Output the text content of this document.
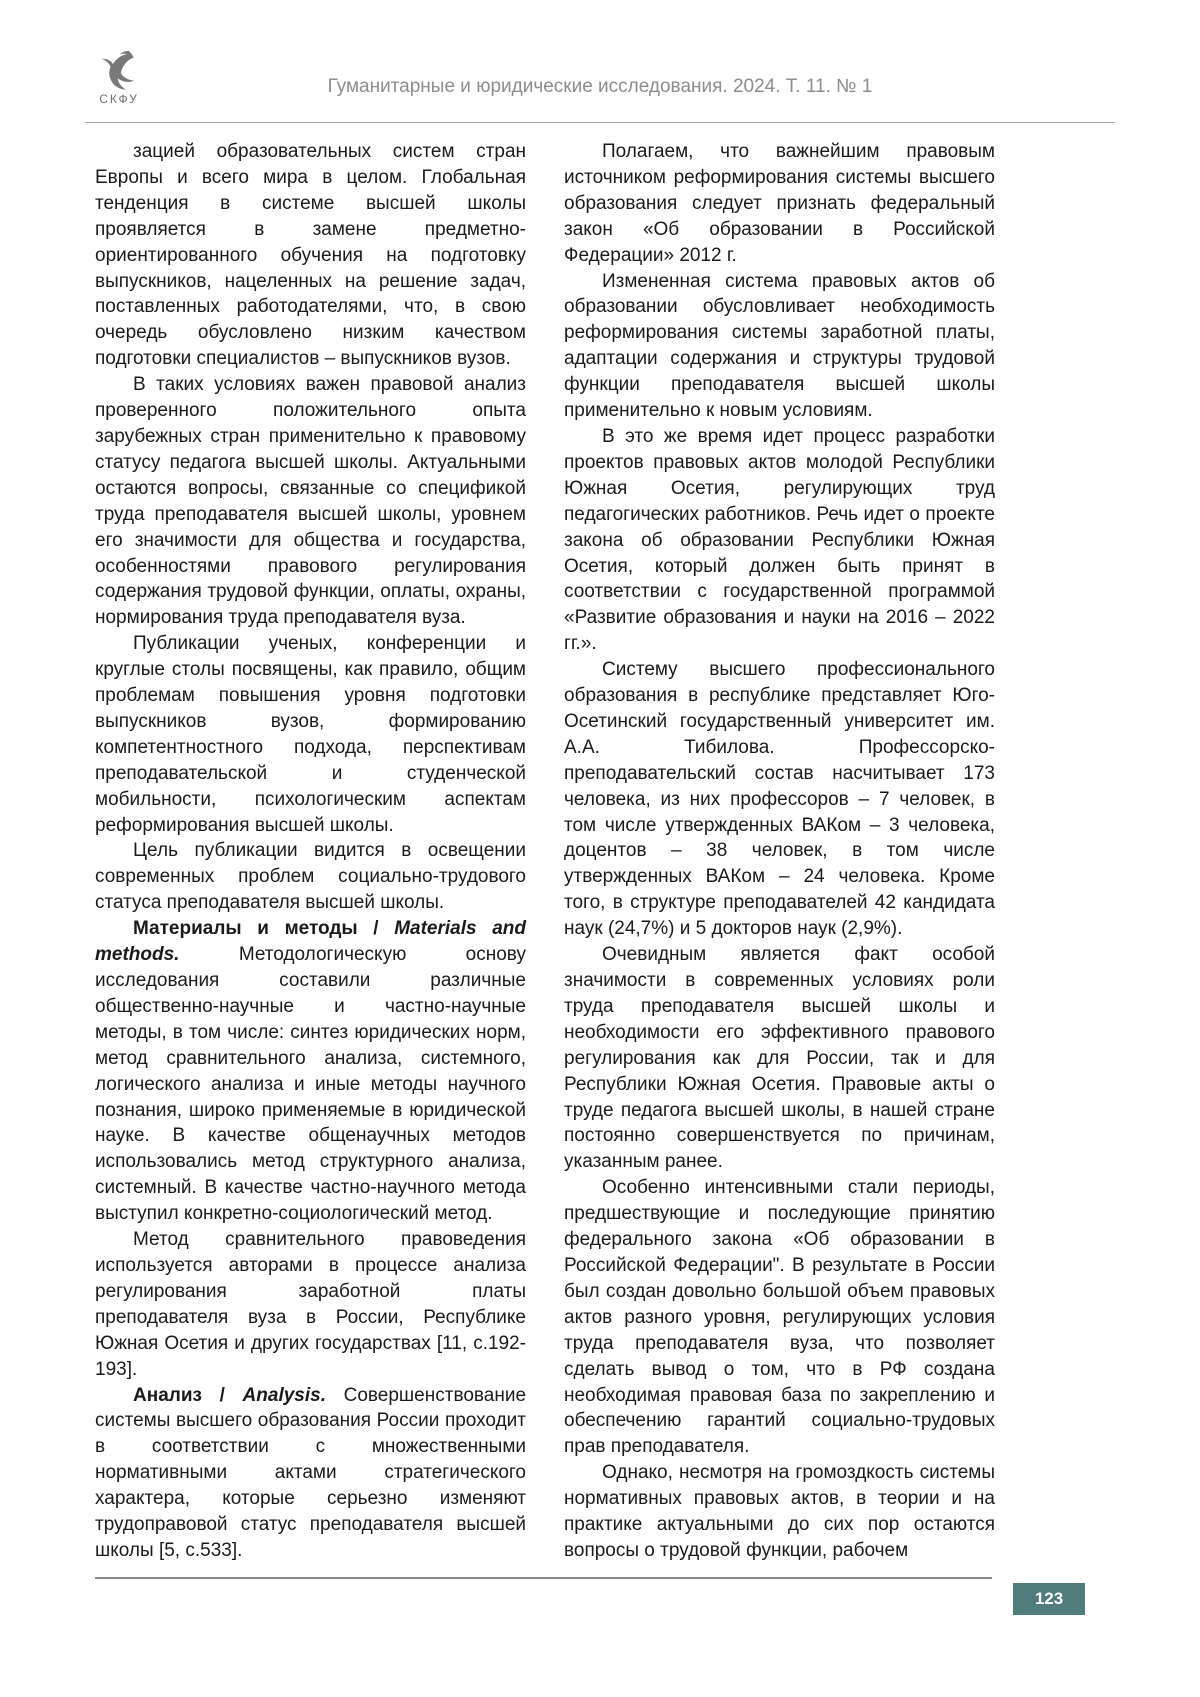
СКФУ
Гуманитарные и юридические исследования. 2024. Т. 11. № 1

зацией образовательных систем стран Европы и всего мира в целом. Глобальная тенденция в системе высшей школы проявляется в замене предметно-ориентированного обучения на подготовку выпускников, нацеленных на решение задач, поставленных работодателями, что, в свою очередь обусловлено низким качеством подготовки специалистов – выпускников вузов.

В таких условиях важен правовой анализ проверенного положительного опыта зарубежных стран применительно к правовому статусу педагога высшей школы. Актуальными остаются вопросы, связанные со спецификой труда преподавателя высшей школы, уровнем его значимости для общества и государства, особенностями правового регулирования содержания трудовой функции, оплаты, охраны, нормирования труда преподавателя вуза.

Публикации ученых, конференции и круглые столы посвящены, как правило, общим проблемам повышения уровня подготовки выпускников вузов, формированию компетентностного подхода, перспективам преподавательской и студенческой мобильности, психологическим аспектам реформирования высшей школы.

Цель публикации видится в освещении современных проблем социально-трудового статуса преподавателя высшей школы.

Материалы и методы / Materials and methods. Методологическую основу исследования составили различные общественно-научные и частно-научные методы, в том числе: синтез юридических норм, метод сравнительного анализа, системного, логического анализа и иные методы научного познания, широко применяемые в юридической науке. В качестве общенаучных методов использовались метод структурного анализа, системный. В качестве частно-научного метода выступил конкретно-социологический метод.

Метод сравнительного правоведения используется авторами в процессе анализа регулирования заработной платы преподавателя вуза в России, Республике Южная Осетия и других государствах [11, с.192-193].

Анализ / Analysis. Совершенствование системы высшего образования России проходит в соответствии с множественными нормативными актами стратегического характера, которые серьезно изменяют трудоправовой статус преподавателя высшей школы [5, с.533].

Полагаем, что важнейшим правовым источником реформирования системы высшего образования следует признать федеральный закон «Об образовании в Российской Федерации» 2012 г.

Измененная система правовых актов об образовании обусловливает необходимость реформирования системы заработной платы, адаптации содержания и структуры трудовой функции преподавателя высшей школы применительно к новым условиям.

В это же время идет процесс разработки проектов правовых актов молодой Республики Южная Осетия, регулирующих труд педагогических работников. Речь идет о проекте закона об образовании Республики Южная Осетия, который должен быть принят в соответствии с государственной программой «Развитие образования и науки на 2016 – 2022 гг.».

Систему высшего профессионального образования в республике представляет Юго-Осетинский государственный университет им. А.А. Тибилова. Профессорско-преподавательский состав насчитывает 173 человека, из них профессоров – 7 человек, в том числе утвержденных ВАКом – 3 человека, доцентов – 38 человек, в том числе утвержденных ВАКом – 24 человека. Кроме того, в структуре преподавателей 42 кандидата наук (24,7%) и 5 докторов наук (2,9%).

Очевидным является факт особой значимости в современных условиях роли труда преподавателя высшей школы и необходимости его эффективного правового регулирования как для России, так и для Республики Южная Осетия. Правовые акты о труде педагога высшей школы, в нашей стране постоянно совершенствуется по причинам, указанным ранее.

Особенно интенсивными стали периоды, предшествующие и последующие принятию федерального закона «Об образовании в Российской Федерации". В результате в России был создан довольно большой объем правовых актов разного уровня, регулирующих условия труда преподавателя вуза, что позволяет сделать вывод о том, что в РФ создана необходимая правовая база по закреплению и обеспечению гарантий социально-трудовых прав преподавателя.

Однако, несмотря на громоздкость системы нормативных правовых актов, в теории и на практике актуальными до сих пор остаются вопросы о трудовой функции, рабочем

123
